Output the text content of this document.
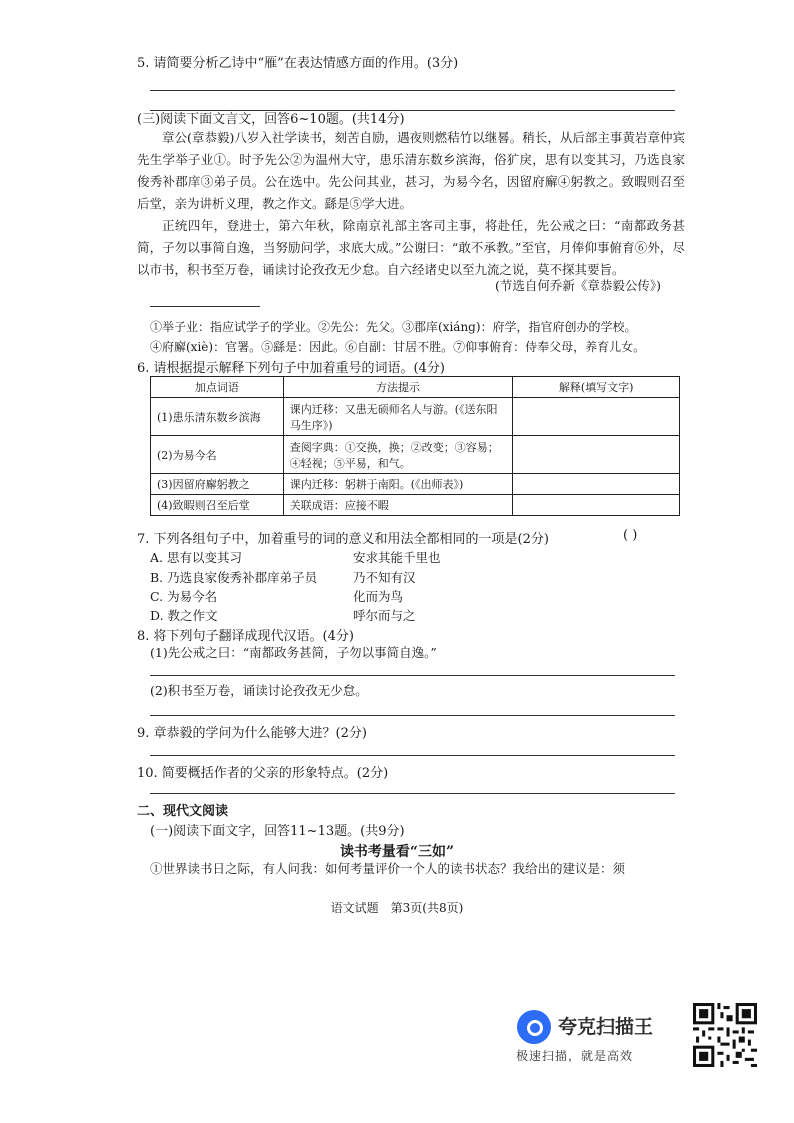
5. 请简要分析乙诗中“雁”在表达情感方面的作用。(3分)
(三)阅读下面文言文，回答6~10题。(共14分)
章公(章恭毅)八岁入社学读书，刻苦自励，遇夜则燃秸竹以继晷。稍长，从后部主事黄岩章仲宾先生学举子业①。时予先公②为温州大守，患乐清东数乡滨海，俗犷戾，思有以变其习，乃选良家俊秀补郡庠③弟子员。公在选中。先公问其业，甚习，为易今名，因留府廨④躬教之。致暇则召至后堂，亲为讲析义理，教之作文。繇是⑤学大进。
正统四年，登进士，第六年秋，除南京礼部主客司主事，将赴任，先公戒之曰：“南都政务甚简，子勿以事简自逸，当努励问学，求底大成。”公谢曰：“敢不承教。”至官，月俸仰事俯育⑥外，尽以市书，积书至万卷，诵读讨论孜孜无少怠。自六经诸史以至九流之说，莫不探其要旨。
(节选自何乔新《章恭毅公传》)
①举子业：指应试学子的学业。②先公：先父。③郡庠(xiáng)：府学，指官府创办的学校。
④府廨(xiè)：官署。⑤繇是：因此。⑥自副：甘居不胜。⑦仰事俯育：侍奉父母，养育儿女。
6. 请根据提示解释下列句子中加着重号的词语。(4分)
加点词语	方法提示	解释(填写文字)
(1)患乐清东数乡滨海	课内迁移：又患无硕师名人与游。(《送东阳马生序》)	
(2)为易今名	查阅字典：①交换，换；②改变；③容易；④轻视；⑤平易，和气。	
(3)因留府廨躬教之	课内迁移：躬耕于南阳。(《出师表》)	
(4)致暇则召至后堂	关联成语：应接不暇	
7. 下列各组句子中，加着重号的词的意义和用法全都相同的一项是(2分)	( )
A. 思有以变其习	安求其能千里也
B. 乃选良家俊秀补郡庠弟子员	乃不知有汉
C. 为易今名	化而为鸟
D. 教之作文	呼尔而与之
8. 将下列句子翻译成现代汉语。(4分)
(1)先公戒之曰：“南都政务甚简，子勿以事简自逸。”
(2)积书至万卷，诵读讨论孜孜无少怠。
9. 章恭毅的学问为什么能够大进？(2分)
10. 简要概括作者的父亲的形象特点。(2分)
二、现代文阅读
(一)阅读下面文字，回答11~13题。(共9分)
读书考量看“三如”
①世界读书日之际，有人问我：如何考量评价一个人的读书状态？我给出的建议是：须
语文试题　第3页(共8页)
夸克扫描王
极速扫描，就是高效
